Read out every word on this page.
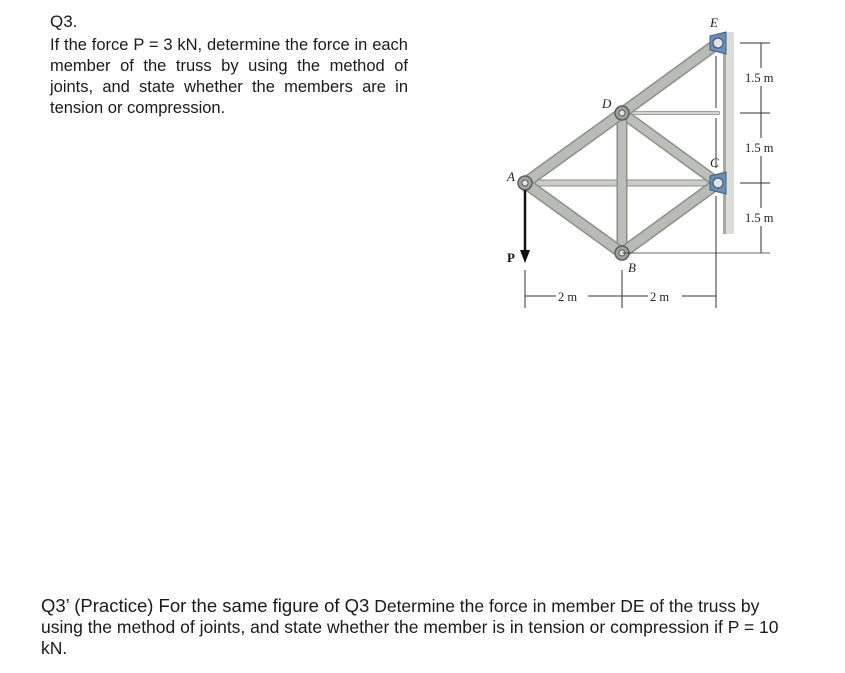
Q3.
If the force P = 3 kN, determine the force in each member of the truss by using the method of joints, and state whether the members are in tension or compression.
E
D
C
A
B
P
2 m	2 m
1.5 m
1.5 m
1.5 m
Q3’ (Practice) For the same figure of Q3 Determine the force in member DE of the truss by using the method of joints, and state whether the member is in tension or compression if P = 10 kN.
